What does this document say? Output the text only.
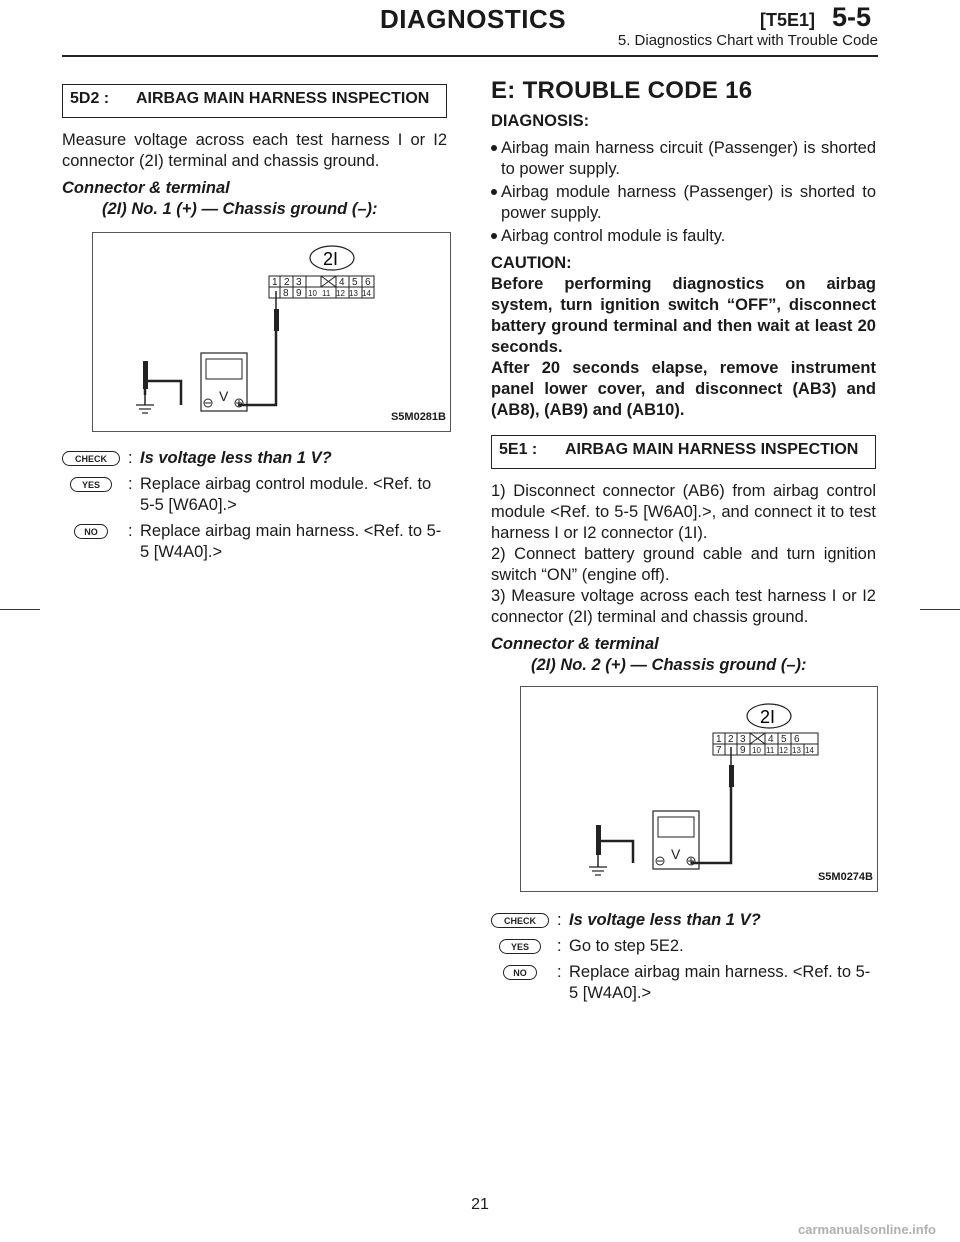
DIAGNOSTICS	[T5E1] 5-5
5. Diagnostics Chart with Trouble Code
5D2 :	AIRBAG MAIN HARNESS INSPECTION

Measure voltage across each test harness I or I2 connector (2I) terminal and chassis ground.

Connector & terminal
(2I) No. 1 (+) — Chassis ground (–):
2I
1 2 3	4 5 6
8 9 10 11 12 13 14
V
S5M0281B
CHECK : Is voltage less than 1 V?
YES : Replace airbag control module. <Ref. to 5-5 [W6A0].>
NO : Replace airbag main harness. <Ref. to 5-5 [W4A0].>
E: TROUBLE CODE 16
DIAGNOSIS:
Airbag main harness circuit (Passenger) is shorted to power supply.
Airbag module harness (Passenger) is shorted to power supply.
Airbag control module is faulty.

CAUTION:

Before performing diagnostics on airbag system, turn ignition switch “OFF”, disconnect battery ground terminal and then wait at least 20 seconds.

After 20 seconds elapse, remove instrument panel lower cover, and disconnect (AB3) and (AB8), (AB9) and (AB10).

5E1 :	AIRBAG MAIN HARNESS INSPECTION

1) Disconnect connector (AB6) from airbag control module <Ref. to 5-5 [W6A0].>, and connect it to test harness I or I2 connector (1I).

2) Connect battery ground cable and turn ignition switch “ON” (engine off).

3) Measure voltage across each test harness I or I2 connector (2I) terminal and chassis ground.

Connector & terminal
(2I) No. 2 (+) — Chassis ground (–):
2I
1 2 3 4 5 6
7 9 10 11 12 13 14
V
S5M0274B
CHECK : Is voltage less than 1 V?
YES : Go to step 5E2.
NO : Replace airbag main harness. <Ref. to 5-5 [W4A0].>
21
carmanualsonline.info
